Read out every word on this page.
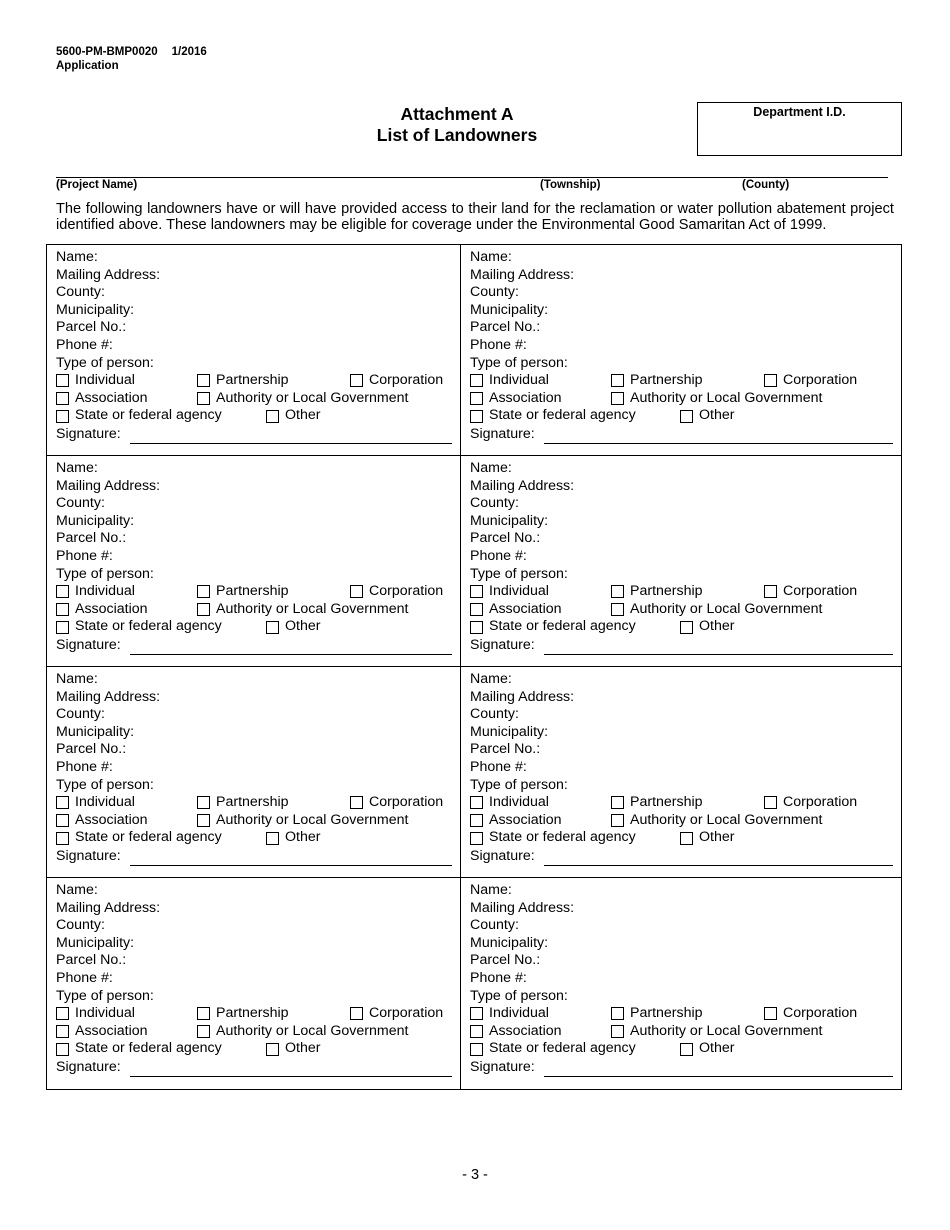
5600-PM-BMP0020 1/2016
Application
Attachment A
List of Landowners
Department I.D.
(Project Name)	(Township)	(County)
The following landowners have or will have provided access to their land for the reclamation or water pollution abatement project identified above. These landowners may be eligible for coverage under the Environmental Good Samaritan Act of 1999.
Name:
Mailing Address:
County:
Municipality:
Parcel No.:
Phone #:
Type of person:
Individual	Partnership	Corporation
Association	Authority or Local Government
State or federal agency	Other
Signature:
Name:
Mailing Address:
County:
Municipality:
Parcel No.:
Phone #:
Type of person:
Individual	Partnership	Corporation
Association	Authority or Local Government
State or federal agency	Other
Signature:
Name:
Mailing Address:
County:
Municipality:
Parcel No.:
Phone #:
Type of person:
Individual	Partnership	Corporation
Association	Authority or Local Government
State or federal agency	Other
Signature:
Name:
Mailing Address:
County:
Municipality:
Parcel No.:
Phone #:
Type of person:
Individual	Partnership	Corporation
Association	Authority or Local Government
State or federal agency	Other
Signature:
Name:
Mailing Address:
County:
Municipality:
Parcel No.:
Phone #:
Type of person:
Individual	Partnership	Corporation
Association	Authority or Local Government
State or federal agency	Other
Signature:
Name:
Mailing Address:
County:
Municipality:
Parcel No.:
Phone #:
Type of person:
Individual	Partnership	Corporation
Association	Authority or Local Government
State or federal agency	Other
Signature:
Name:
Mailing Address:
County:
Municipality:
Parcel No.:
Phone #:
Type of person:
Individual	Partnership	Corporation
Association	Authority or Local Government
State or federal agency	Other
Signature:
Name:
Mailing Address:
County:
Municipality:
Parcel No.:
Phone #:
Type of person:
Individual	Partnership	Corporation
Association	Authority or Local Government
State or federal agency	Other
Signature:
- 3 -
